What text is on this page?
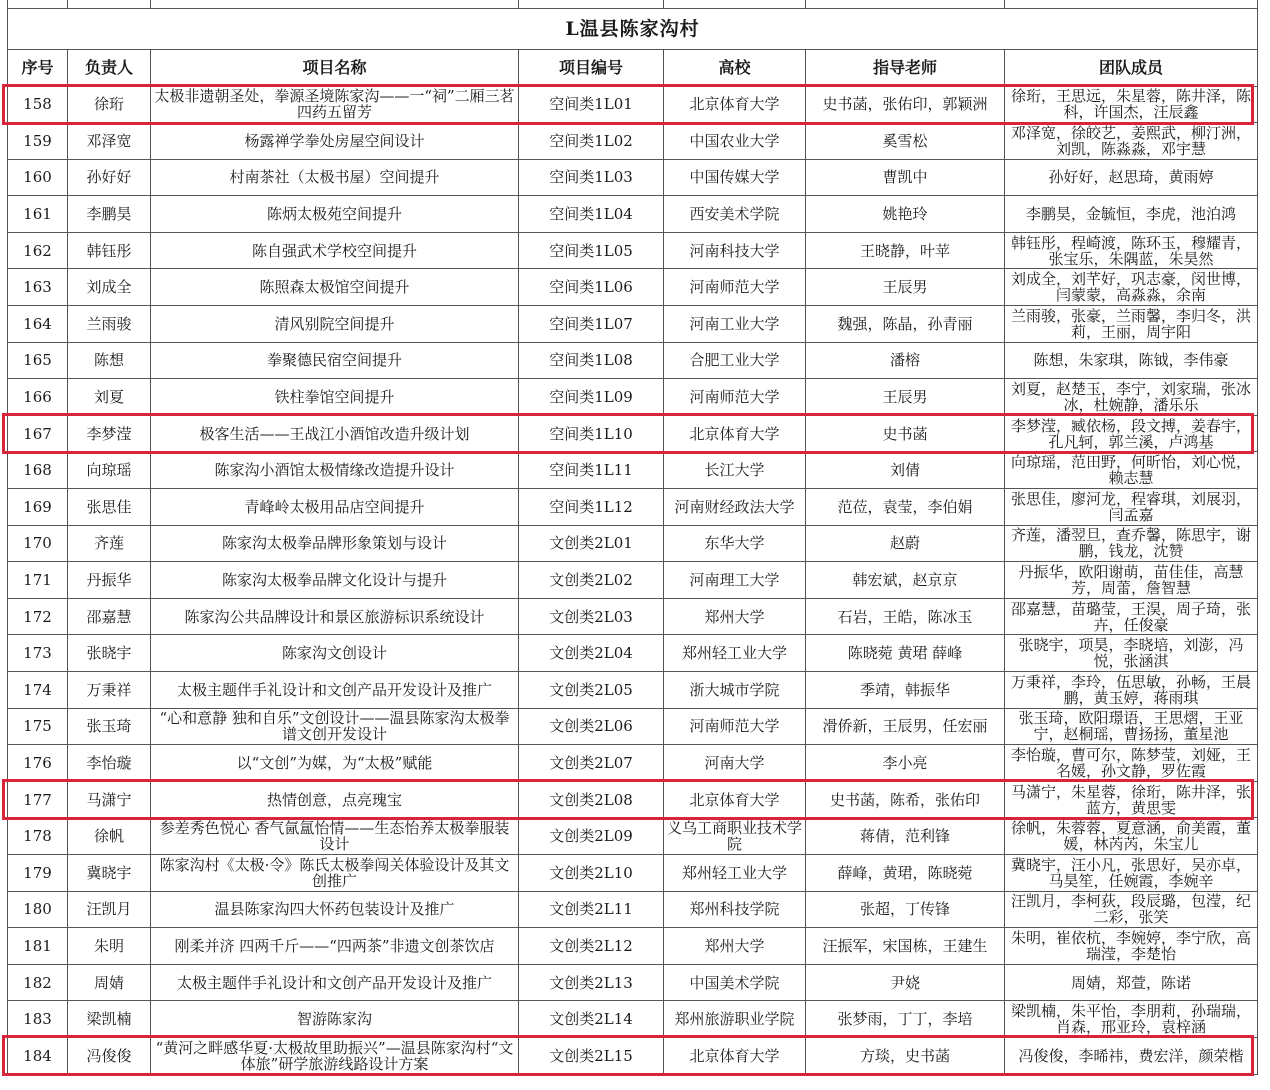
L温县陈家沟村						
序号	负责人	项目名称	项目编号	高校	指导老师	团队成员
158	徐珩	太极非遗朝圣处，拳源圣境陈家沟——一“祠”二厢三茗四药五留芳	空间类1L01	北京体育大学	史书菡，张佑印，郭颖洲	徐珩，王思远，朱星蓉，陈井泽，陈科，许国杰，汪辰鑫

159	邓泽宽	杨露禅学拳处房屋空间设计	空间类1L02	中国农业大学	奚雪松	邓泽宽，徐皎艺，姜熙武，柳汀洲，刘凯，陈淼淼，邓宇慧

160	孙好好	村南茶社（太极书屋）空间提升	空间类1L03	中国传媒大学	曹凯中	孙好好，赵思琦，黄雨婷

161	李鹏昊	陈炳太极苑空间提升	空间类1L04	西安美术学院	姚艳玲	李鹏昊，金毓恒，李虎，池泊鸿

162	韩钰彤	陈自强武术学校空间提升	空间类1L05	河南科技大学	王晓静，叶苹	韩钰彤，程崎渡，陈环玉，穆耀青，张宝乐，朱隅蓝，朱昊然

163	刘成全	陈照森太极馆空间提升	空间类1L06	河南师范大学	王辰男	刘成全，刘芊好，巩志豪，闵世博，闫蒙蒙，高淼淼，余南

164	兰雨骏	清风别院空间提升	空间类1L07	河南工业大学	魏强，陈晶，孙青丽	兰雨骏，张豪，兰雨馨，李归冬，洪莉，王丽，周宇阳

165	陈想	拳聚德民宿空间提升	空间类1L08	合肥工业大学	潘榕	陈想，朱家琪，陈钺，李伟豪

166	刘夏	铁柱拳馆空间提升	空间类1L09	河南师范大学	王辰男	刘夏，赵楚玉，李宁，刘家瑞，张冰冰，杜婉静，潘乐乐

167	李梦滢	极客生活——王战江小酒馆改造升级计划	空间类1L10	北京体育大学	史书菡	李梦滢，臧依杨，段文搏，姜春宇，孔凡轲，郭兰溪，卢鸿基

168	向琼瑶	陈家沟小酒馆太极情缘改造提升设计	空间类1L11	长江大学	刘倩	向琼瑶，范田野，何昕怡，刘心悦，赖志慧

169	张思佳	青峰岭太极用品店空间提升	空间类1L12	河南财经政法大学	范莅，袁莹，李伯娟	张思佳，廖河龙，程睿琪，刘展羽，闫孟嘉

170	齐莲	陈家沟太极拳品牌形象策划与设计	文创类2L01	东华大学	赵蔚	齐莲，潘翌旦，查乔馨，陈思宇，谢鹏，钱龙，沈赞

171	丹振华	陈家沟太极拳品牌文化设计与提升	文创类2L02	河南理工大学	韩宏斌，赵京京	丹振华，欧阳谢萌，苗佳佳，高慧芳，周蕾，詹智慧

172	邵嘉慧	陈家沟公共品牌设计和景区旅游标识系统设计	文创类2L03	郑州大学	石岩，王皓，陈冰玉	邵嘉慧，苗璐莹，王淏，周子琦，张卉，任俊豪

173	张晓宇	陈家沟文创设计	文创类2L04	郑州轻工业大学	陈晓菀 黄珺 薛峰	张晓宇，项昊，李晓培，刘澎，冯悦，张涵淇

174	万秉祥	太极主题伴手礼设计和文创产品开发设计及推广	文创类2L05	浙大城市学院	季靖，韩振华	万秉祥，李玲，伍思敏，孙畅，王晨鹏，黄玉婷，蒋雨琪

175	张玉琦	“心和意静 独和自乐”文创设计——温县陈家沟太极拳谱文创开发设计	文创类2L06	河南师范大学	滑侨新，王辰男，任宏丽	张玉琦，欧阳璟语，王思熠，王亚宁，赵桐瑶，曹扬扬，董星池

176	李怡璇	以“文创”为媒，为“太极”赋能	文创类2L07	河南大学	李小亮	李怡璇，曹可尔，陈梦莹，刘娅，王名媛，孙文静，罗佐霞

177	马潇宁	热情创意，点亮瑰宝	文创类2L08	北京体育大学	史书菡，陈希，张佑印	马潇宁，朱星蓉，徐珩，陈井泽，张蓝方，黄思雯

178	徐帆	参差秀色悦心 香气氤氲怡情——生态怡养太极拳服装设计	文创类2L09	义乌工商职业技术学院	蒋倩，范利锋	徐帆，朱蓉蓉，夏意涵，俞美霞，董媛，林芮芮，朱宝儿

179	冀晓宇	陈家沟村《太极·令》陈氏太极拳闯关体验设计及其文创推广	文创类2L10	郑州轻工业大学	薛峰，黄珺，陈晓菀	冀晓宇，汪小凡，张思好，吴亦卓，马昊笙，任婉霞，李婉辛

180	汪凯月	温县陈家沟四大怀药包装设计及推广	文创类2L11	郑州科技学院	张超，丁传锋	汪凯月，李柯荻，段辰璐，包滢，纪二彩，张笑

181	朱明	刚柔并济 四两千斤——“四两茶”非遗文创茶饮店	文创类2L12	郑州大学	汪振军，宋国栋，王建生	朱明，崔依杭，李婉婷，李宁欣，高瑞滢，李楚怡

182	周婧	太极主题伴手礼设计和文创产品开发设计及推广	文创类2L13	中国美术学院	尹娆	周婧，郑萱，陈诺

183	梁凯楠	智游陈家沟	文创类2L14	郑州旅游职业学院	张梦雨，丁丁，李培	梁凯楠，朱平怡，李朋莉，孙瑞瑞，肖森，邢亚玲，袁梓涵

184	冯俊俊	“黄河之畔感华夏·太极故里助振兴”—温县陈家沟村“文体旅”研学旅游线路设计方案	文创类2L15	北京体育大学	方琰，史书菡	冯俊俊，李晞祎，费宏洋，颜荣楷
